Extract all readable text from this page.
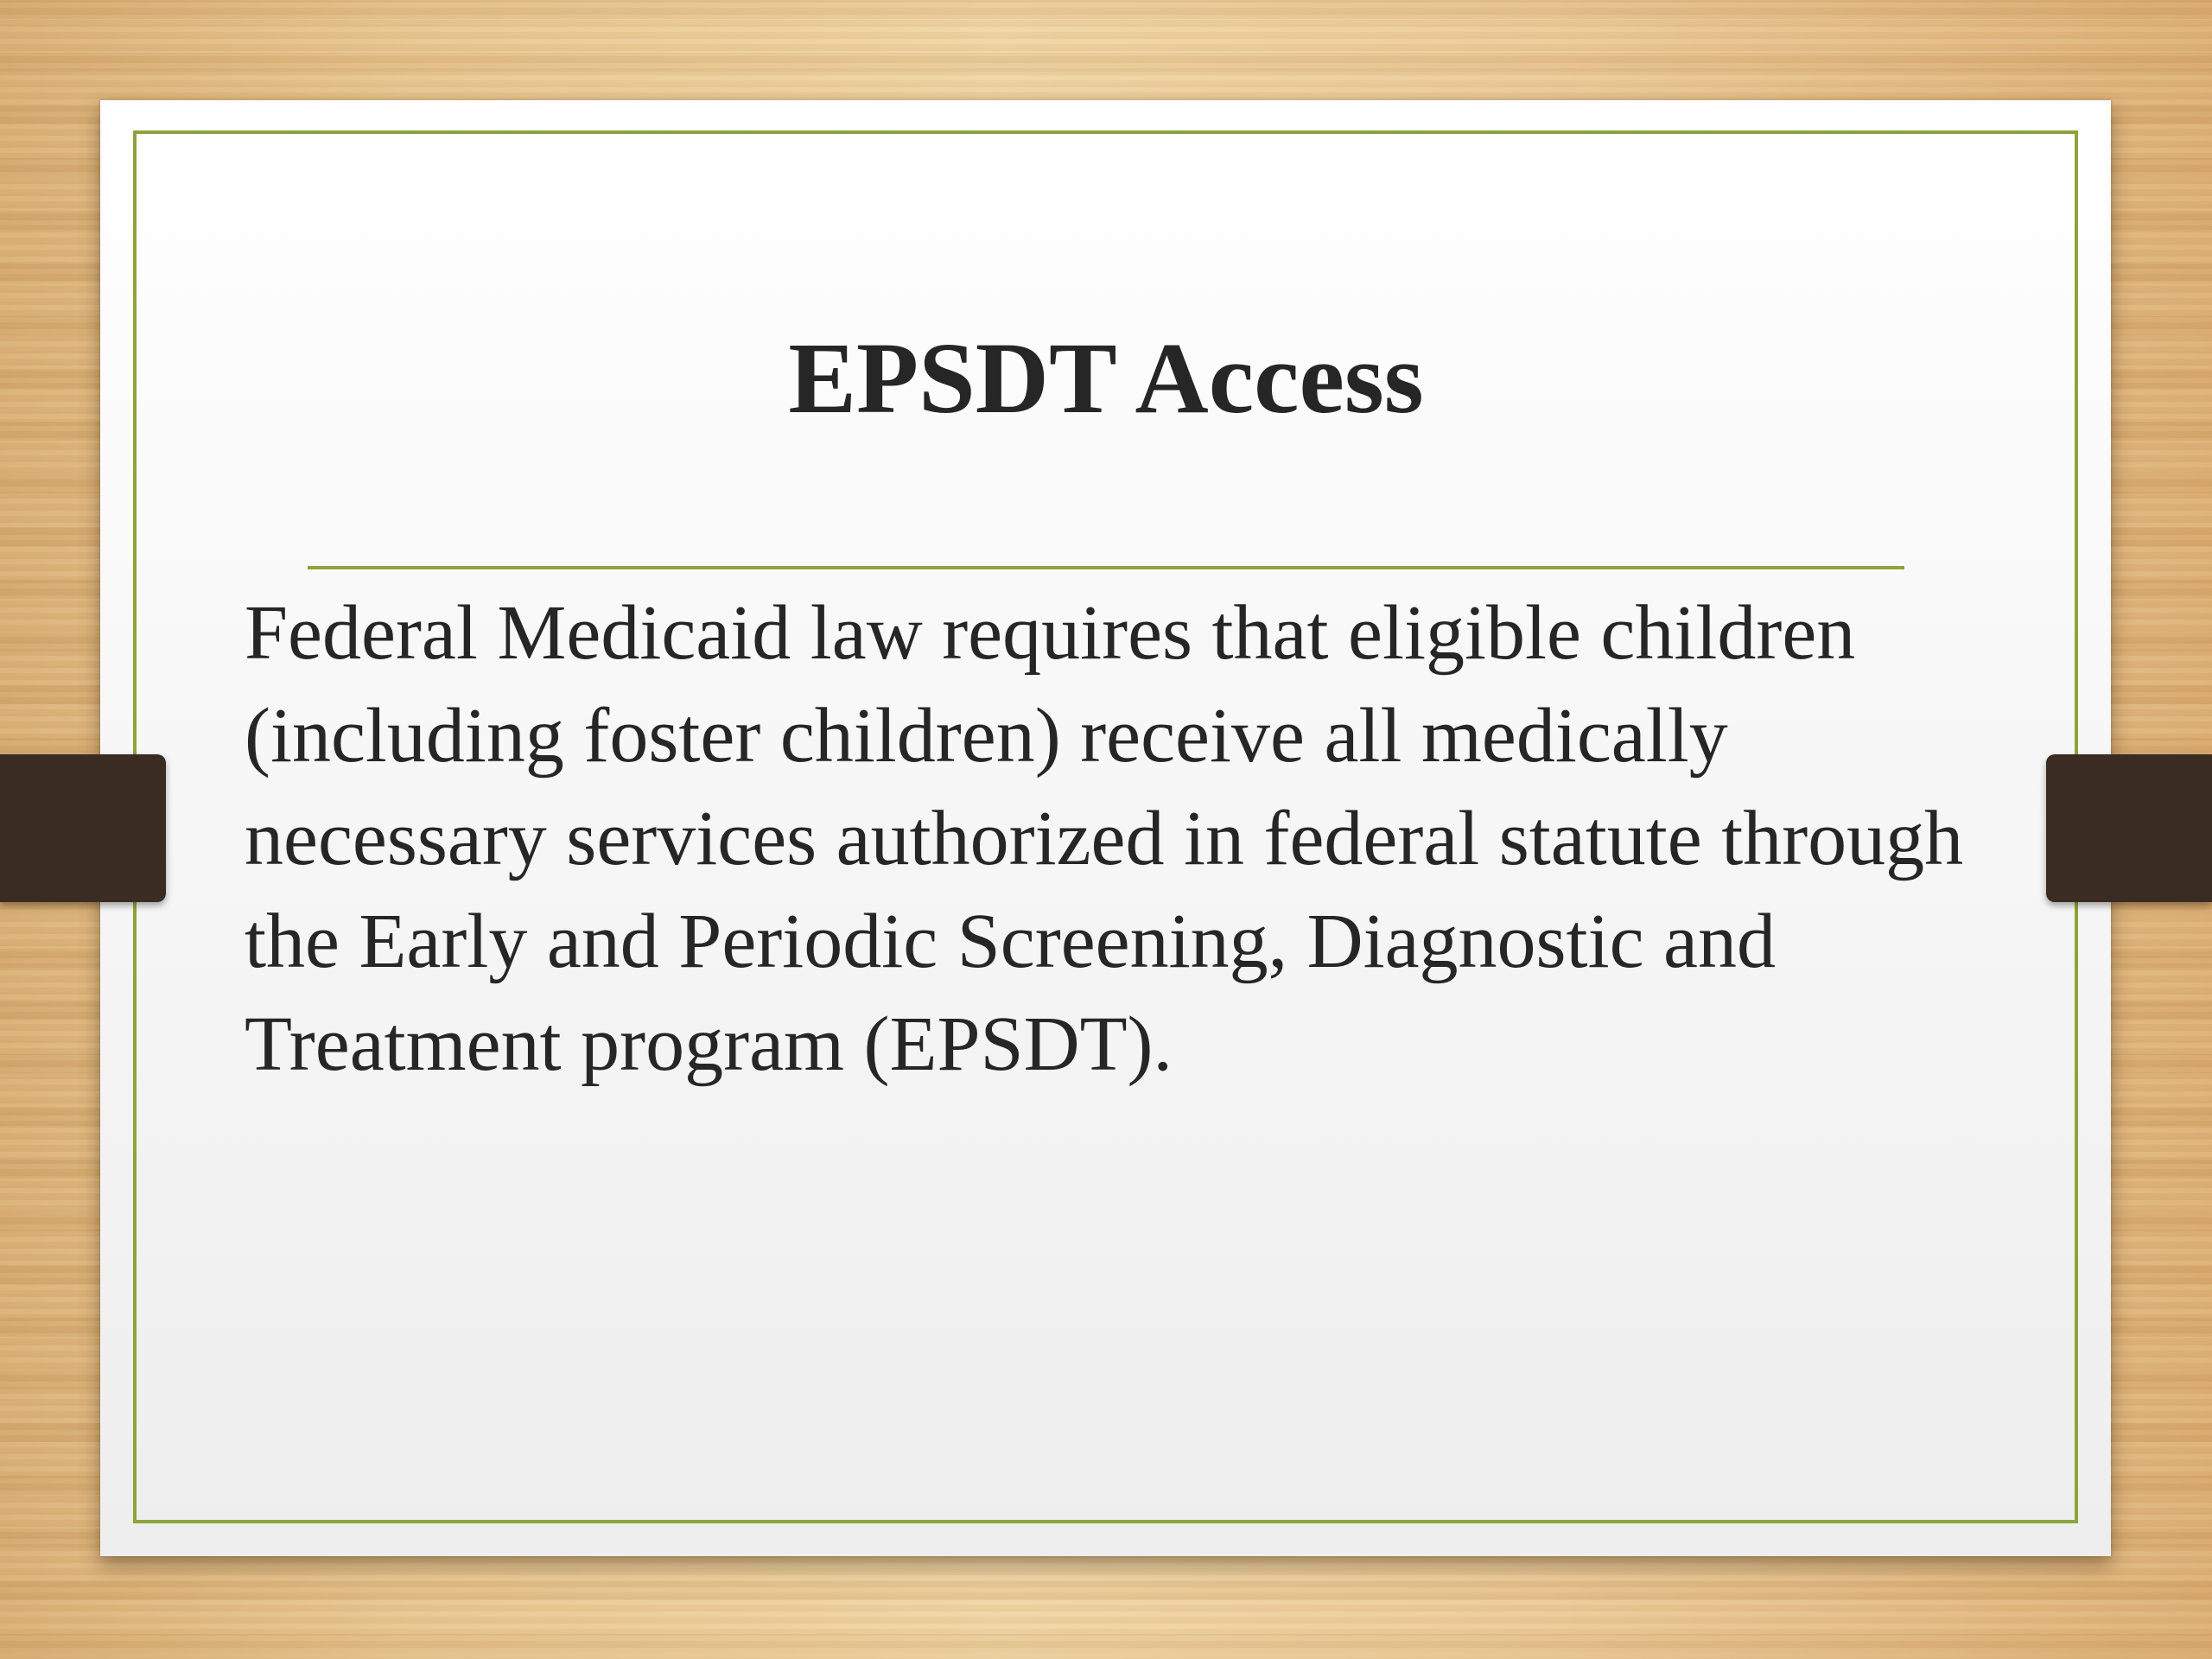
EPSDT Access

Federal Medicaid law requires that eligible children
(including foster children) receive all medically
necessary services authorized in federal statute through
the Early and Periodic Screening, Diagnostic and
Treatment program (EPSDT).
